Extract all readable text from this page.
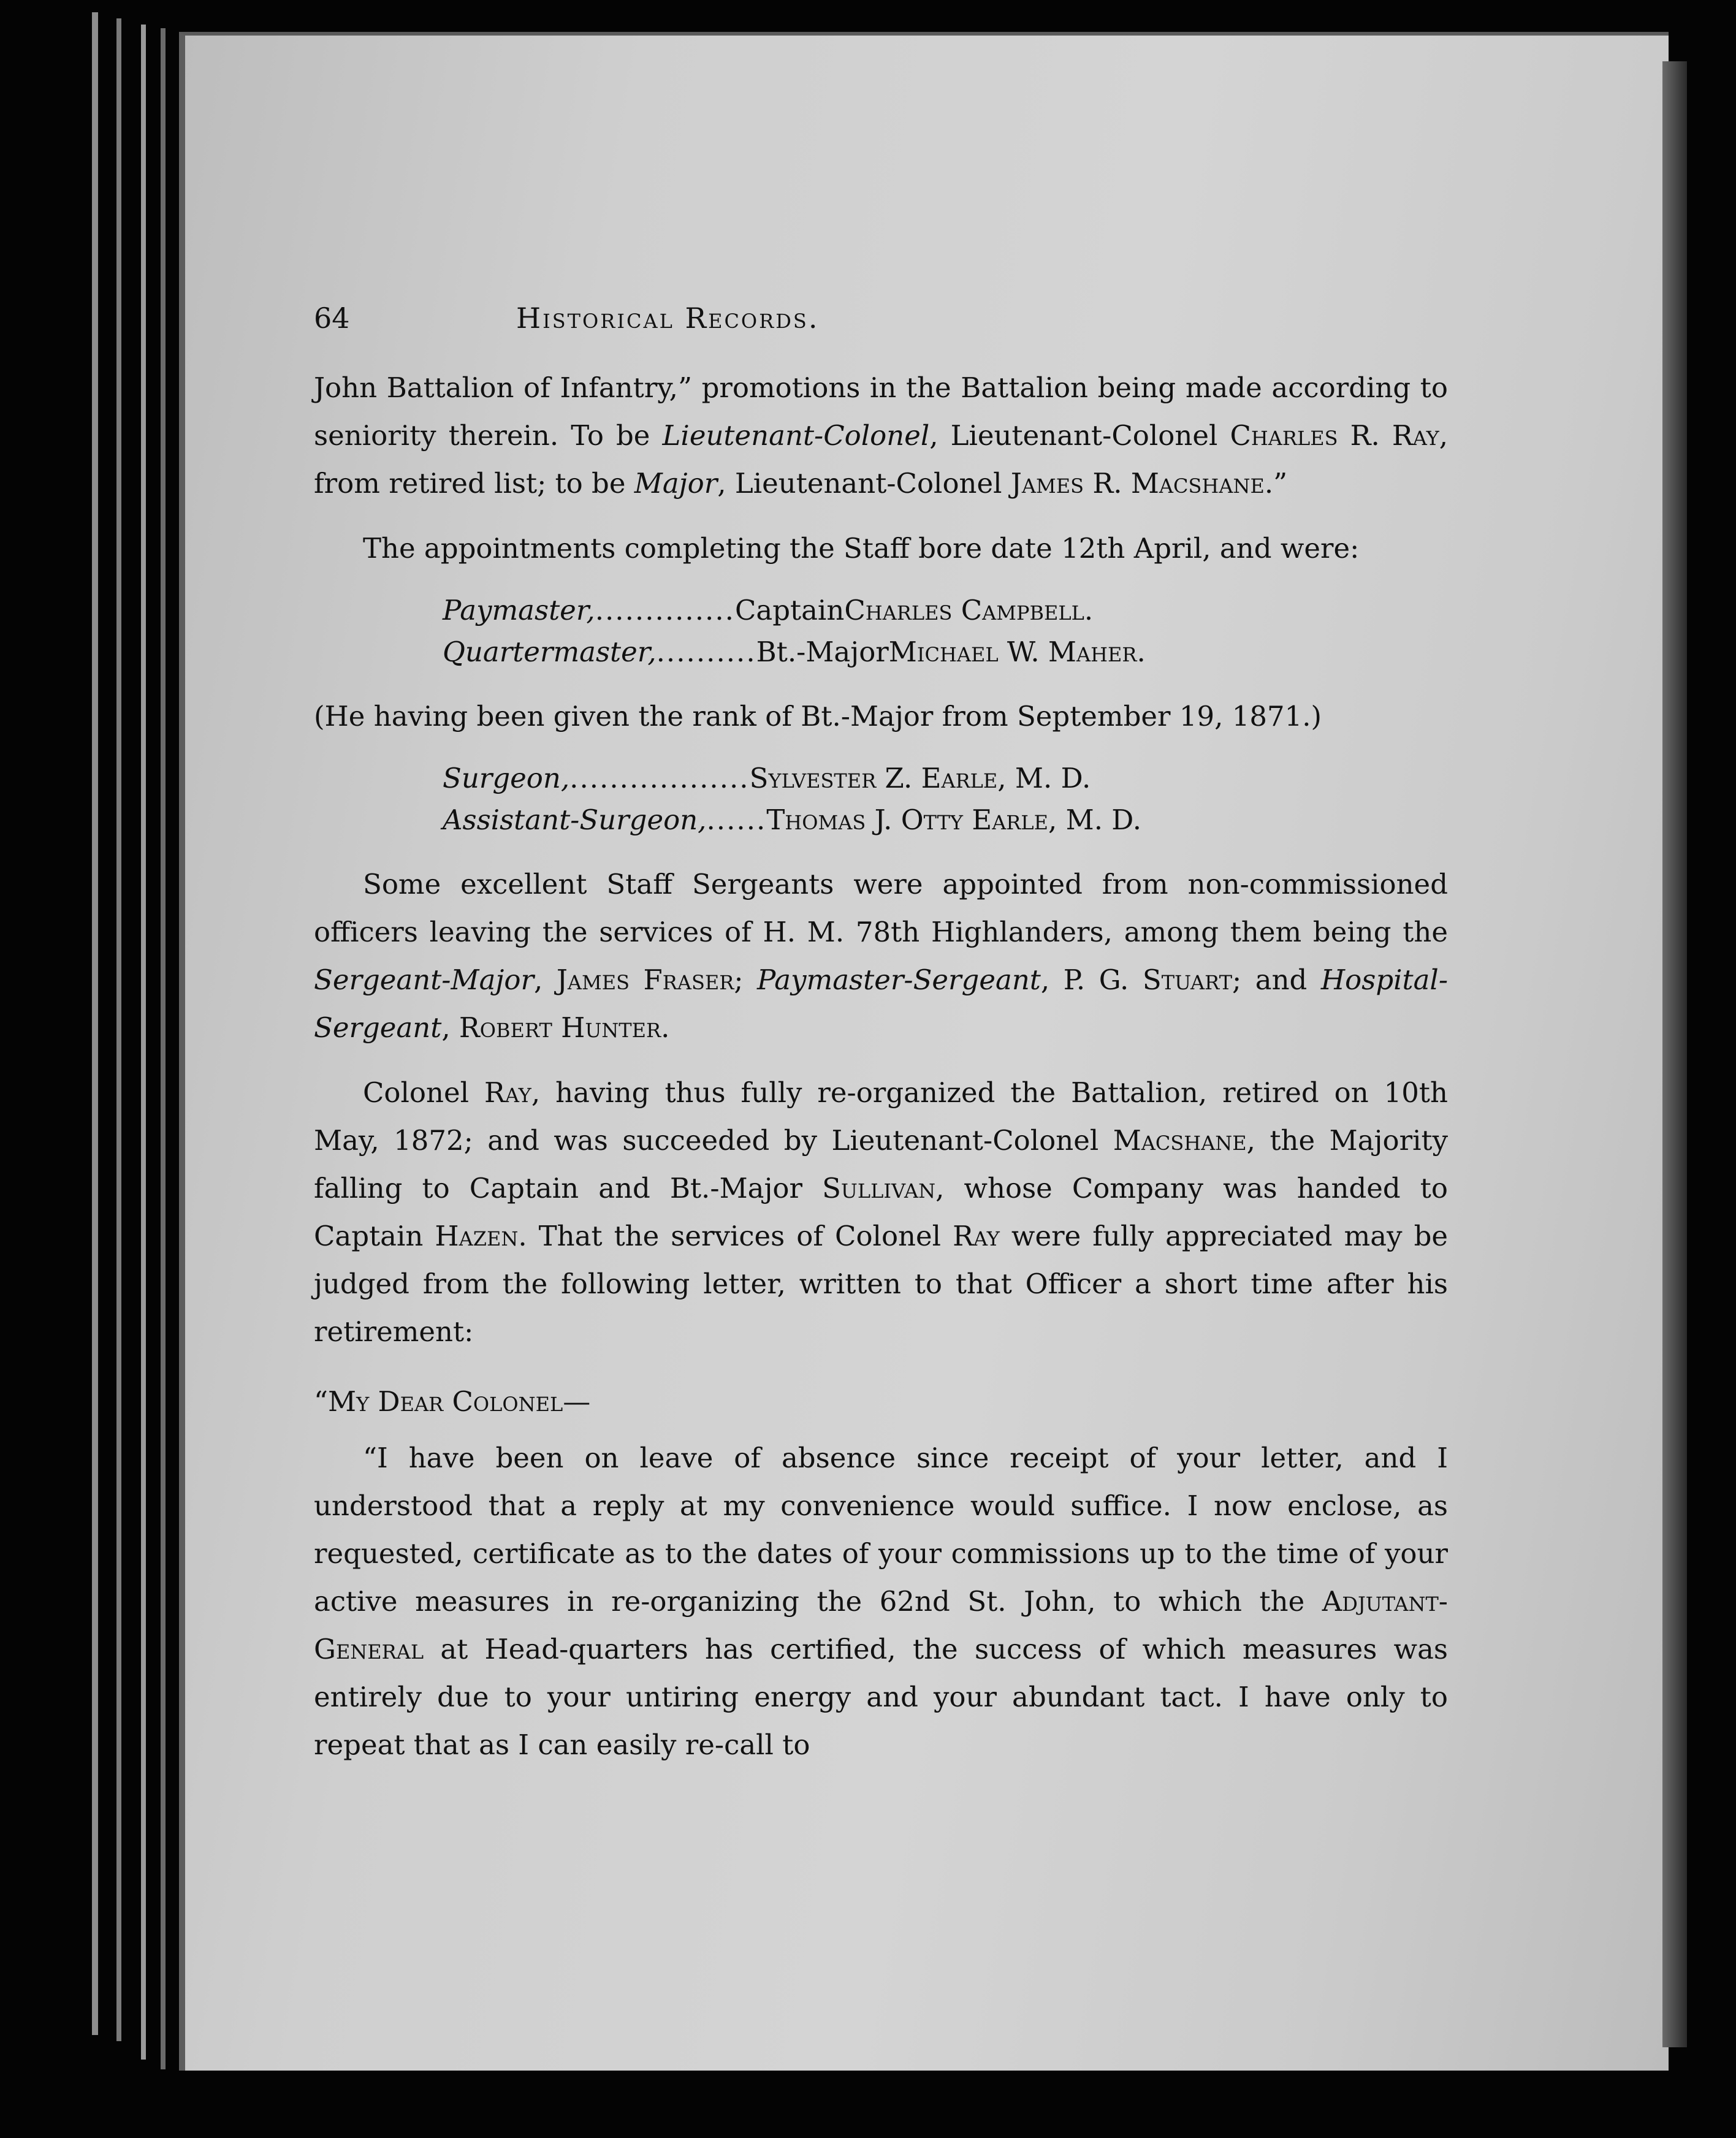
64	Historical Records.

John Battalion of Infantry,” promotions in the Battalion being made according to seniority therein. To be Lieutenant-Colonel, Lieutenant-Colonel Charles R. Ray, from retired list; to be Major, Lieutenant-Colonel James R. Macshane.”

The appointments completing the Staff bore date 12th April, and were:

Paymaster, .............. Captain Charles Campbell .
Quartermaster, .......... Bt.-Major Michael W. Maher .

(He having been given the rank of Bt.-Major from September 19, 1871.)

Surgeon, .................. Sylvester Z. Earle , M. D.
Assistant-Surgeon, ...... Thomas J. Otty Earle , M. D.

Some excellent Staff Sergeants were appointed from non-commissioned officers leaving the services of H. M. 78th Highlanders, among them being the Sergeant-Major, James Fraser; Paymaster-Sergeant, P. G. Stuart; and Hospital-Sergeant, Robert Hunter.

Colonel Ray, having thus fully re-organized the Battalion, retired on 10th May, 1872; and was succeeded by Lieutenant-Colonel Macshane, the Majority falling to Captain and Bt.-Major Sullivan, whose Company was handed to Captain Hazen. That the services of Colonel Ray were fully appreciated may be judged from the following letter, written to that Officer a short time after his retirement:

“My Dear Colonel—

“I have been on leave of absence since receipt of your letter, and I understood that a reply at my convenience would suffice. I now enclose, as requested, certificate as to the dates of your commissions up to the time of your active measures in re-organizing the 62nd St. John, to which the Adjutant-General at Head-quarters has certified, the success of which measures was entirely due to your untiring energy and your abundant tact. I have only to repeat that as I can easily re-call to
